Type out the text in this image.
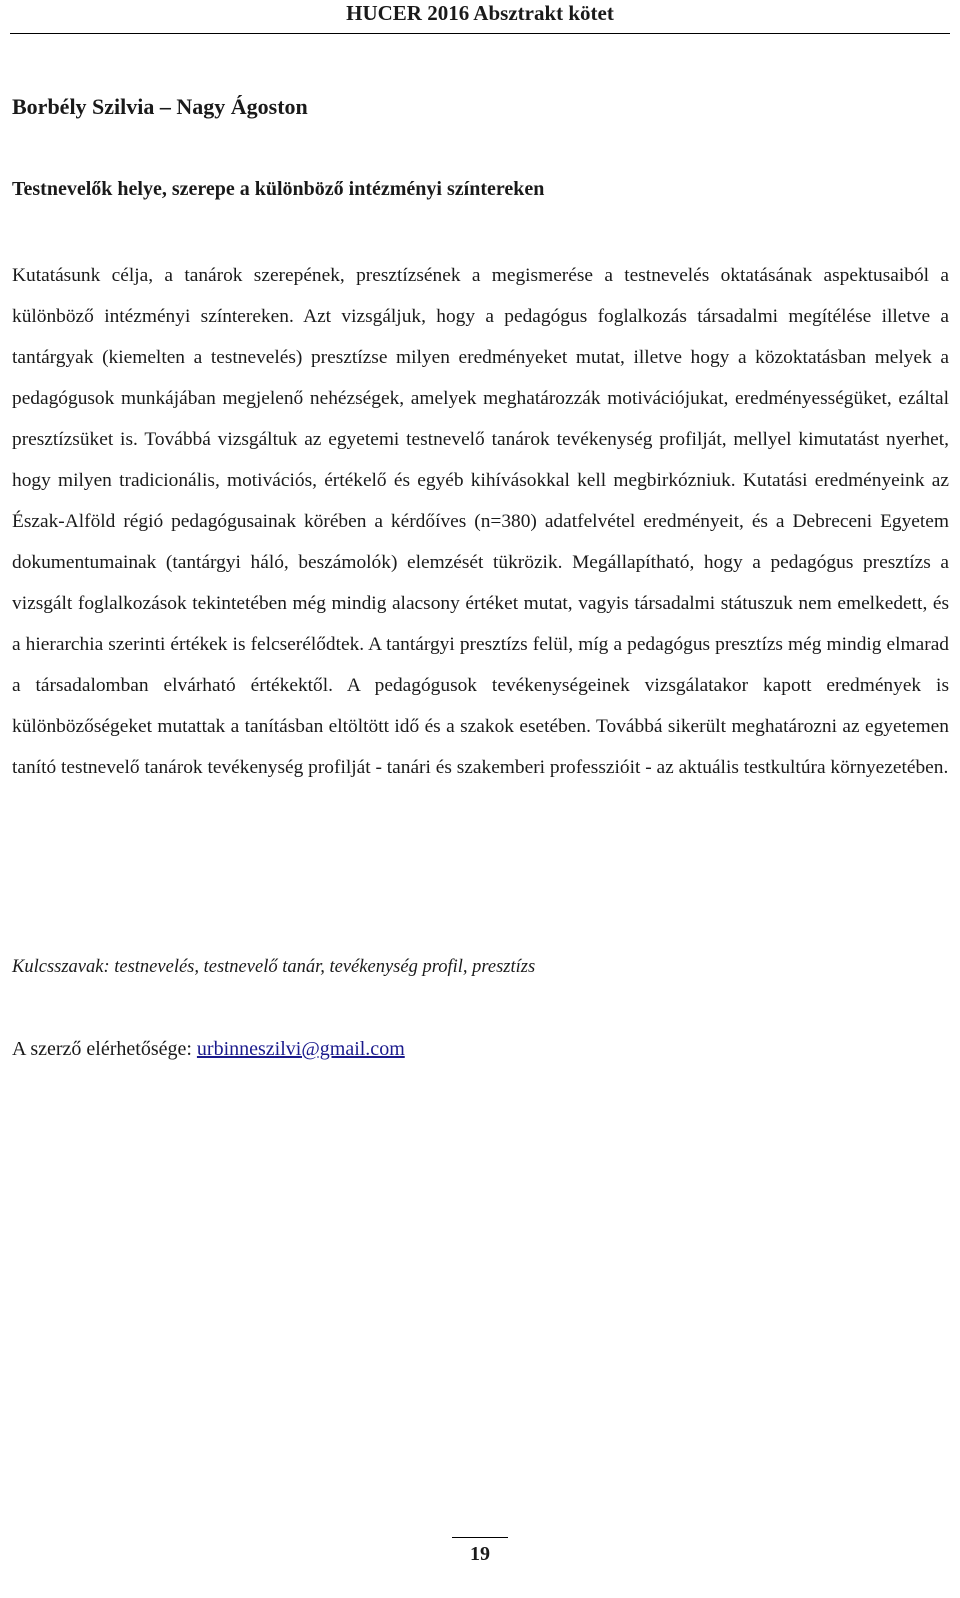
HUCER 2016 Absztrakt kötet
Borbély Szilvia – Nagy Ágoston
Testnevelők helye, szerepe a különböző intézményi színtereken

Kutatásunk célja, a tanárok szerepének, presztízsének a megismerése a testnevelés oktatásának aspektusaiból a különböző intézményi színtereken. Azt vizsgáljuk, hogy a pedagógus foglalkozás társadalmi megítélése illetve a tantárgyak (kiemelten a testnevelés) presztízse milyen eredményeket mutat, illetve hogy a közoktatásban melyek a pedagógusok munkájában megjelenő nehézségek, amelyek meghatározzák motivációjukat, eredményességüket, ezáltal presztízsüket is. Továbbá vizsgáltuk az egyetemi testnevelő tanárok tevékenység profilját, mellyel kimutatást nyerhet, hogy milyen tradicionális, motivációs, értékelő és egyéb kihívásokkal kell megbirkózniuk. Kutatási eredményeink az Észak-Alföld régió pedagógusainak körében a kérdőíves (n=380) adatfelvétel eredményeit, és a Debreceni Egyetem dokumentumainak (tantárgyi háló, beszámolók) elemzését tükrözik. Megállapítható, hogy a pedagógus presztízs a vizsgált foglalkozások tekintetében még mindig alacsony értéket mutat, vagyis társadalmi státuszuk nem emelkedett, és a hierarchia szerinti értékek is felcserélődtek. A tantárgyi presztízs felül, míg a pedagógus presztízs még mindig elmarad a társadalomban elvárható értékektől. A pedagógusok tevékenységeinek vizsgálatakor kapott eredmények is különbözőségeket mutattak a tanításban eltöltött idő és a szakok esetében. Továbbá sikerült meghatározni az egyetemen tanító testnevelő tanárok tevékenység profilját - tanári és szakemberi professzióit - az aktuális testkultúra környezetében.

Kulcsszavak: testnevelés, testnevelő tanár, tevékenység profil, presztízs
A szerző elérhetősége: urbinneszilvi@gmail.com
19
